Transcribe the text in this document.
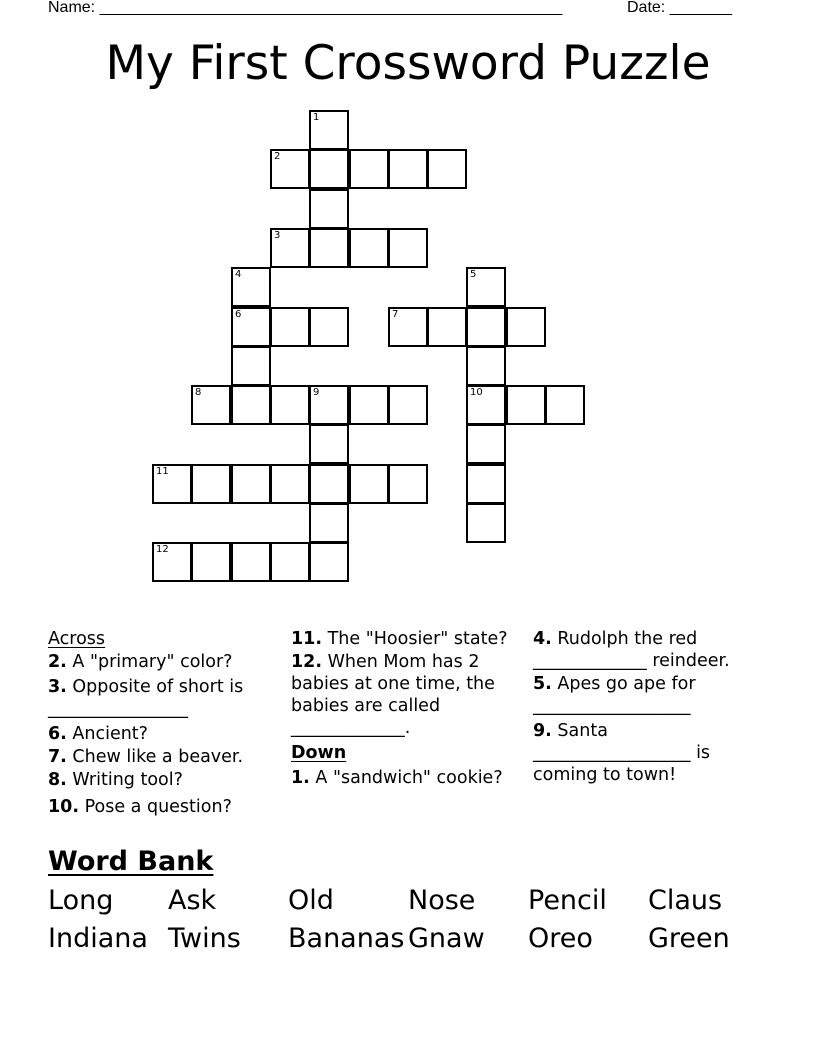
Name: ____________________________________________________	Date: _______
My First Crossword Puzzle
1
2
3
4	5
6	7
8	9	10
11
12
Across
2. A "primary" color?
3. Opposite of short is ________________
6. Ancient?
7. Chew like a beaver.
8. Writing tool?
10. Pose a question?
11. The "Hoosier" state?
12. When Mom has 2 babies at one time, the babies are called _____________.
Down
1. A "sandwich" cookie?
4. Rudolph the red _____________ reindeer.
5. Apes go ape for __________________
9. Santa __________________ is coming to town!
Word Bank
Long Ask	Old	Nose Pencil Claus
Indiana Twins Bananas Gnaw Oreo Green
